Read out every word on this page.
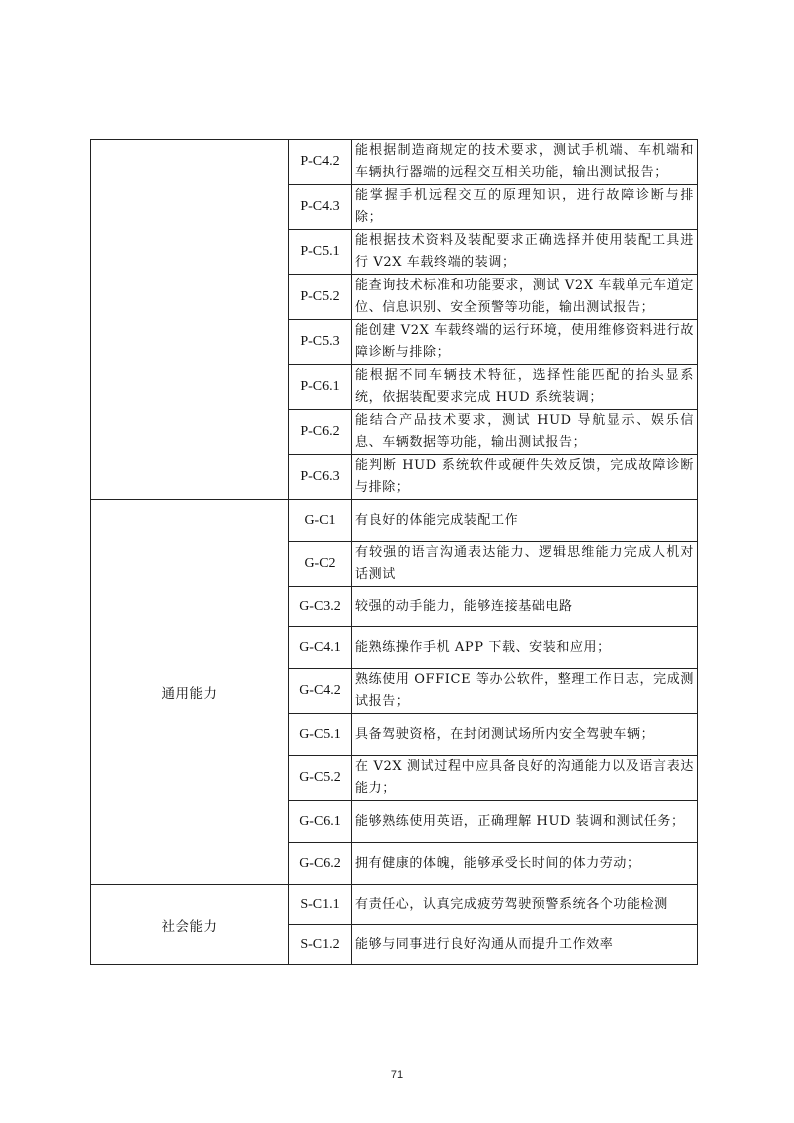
	P-C4.2	能根据制造商规定的技术要求，测试手机端、车机端和车辆执行器端的远程交互相关功能，输出测试报告；
	P-C4.3	能掌握手机远程交互的原理知识，进行故障诊断与排除；
	P-C5.1	能根据技术资料及装配要求正确选择并使用装配工具进行 V2X 车载终端的装调；
	P-C5.2	能查询技术标准和功能要求，测试 V2X 车载单元车道定位、信息识别、安全预警等功能，输出测试报告；
	P-C5.3	能创建 V2X 车载终端的运行环境，使用维修资料进行故障诊断与排除；
	P-C6.1	能根据不同车辆技术特征，选择性能匹配的抬头显系统，依据装配要求完成 HUD 系统装调；
	P-C6.2	能结合产品技术要求，测试 HUD 导航显示、娱乐信息、车辆数据等功能，输出测试报告；
	P-C6.3	能判断 HUD 系统软件或硬件失效反馈，完成故障诊断与排除；
通用能力	G-C1	有良好的体能完成装配工作
	G-C2	有较强的语言沟通表达能力、逻辑思维能力完成人机对话测试
	G-C3.2	较强的动手能力，能够连接基础电路
	G-C4.1	能熟练操作手机 APP 下载、安装和应用；
	G-C4.2	熟练使用 OFFICE 等办公软件，整理工作日志，完成测试报告；
	G-C5.1	具备驾驶资格，在封闭测试场所内安全驾驶车辆；
	G-C5.2	在 V2X 测试过程中应具备良好的沟通能力以及语言表达能力；
	G-C6.1	能够熟练使用英语，正确理解 HUD 装调和测试任务；
	G-C6.2	拥有健康的体魄，能够承受长时间的体力劳动；
社会能力	S-C1.1	有责任心，认真完成疲劳驾驶预警系统各个功能检测
	S-C1.2	能够与同事进行良好沟通从而提升工作效率
71
